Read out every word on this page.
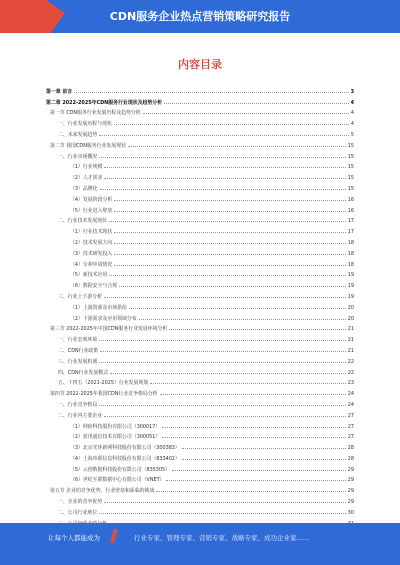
CDN服务企业热点营销策略研究报告
内容目录
第一章 前言	3
第二章 2022-2025年CDN服务行业现状及趋势分析	4
第一节 CDN服务行业发展历程及趋势分析	4
一、行业发展历程与现状	4
二、未来发展趋势	5
第二节 我国CDN服务行业发展现状	15
一、行业市场概况	15
（1）行业规模	15
（2）人才需求	15
（3）品牌化	15
（4）发展阶段分析	16
（5）行业进入壁垒	16
二、行业技术发展现状	17
（1）行业技术现状	17
（2）技术发展方向	18
（3）技术研发投入	18
（4）专利申请情况	18
（5）新技术应用	19
（6）数据安全与合规	19
三、行业上下游分析	19
（1）上游资源及市场供给	20
（2）下游需求及应用领域分布	20
第三节 2022-2025年中国CDN服务行业发展环境分析	21
一、行业宏观环境	21
二、CDN行业政策	21
三、行业发展机遇	22
四、CDN行业发展模式	22
五、十四五（2021-2025）行业发展规划	23
第四节 2022-2025年我国CDN行业竞争格局分析	24
一、行业竞争格局	24
二、行业内主要企业	27
（1）网宿科技股份有限公司（300017）	27
（2）蓝汛通信技术有限公司（300051）	27
（3）北京光环新网科技股份有限公司（300383）	28
（4）上海帝联信息科技股份有限公司（833402）	28
（5）云创数据科技股份有限公司（835305）	29
（6）世纪互联数据中心有限公司（VNET）	29
第五节 企业的竞争优势、行业壁垒和面临的挑战	29
一、企业的竞争优势	29
二、公司行业地位	30
让每个人都能成为	行业专家、管理专家、营销专家、战略专家、成功企业家……
